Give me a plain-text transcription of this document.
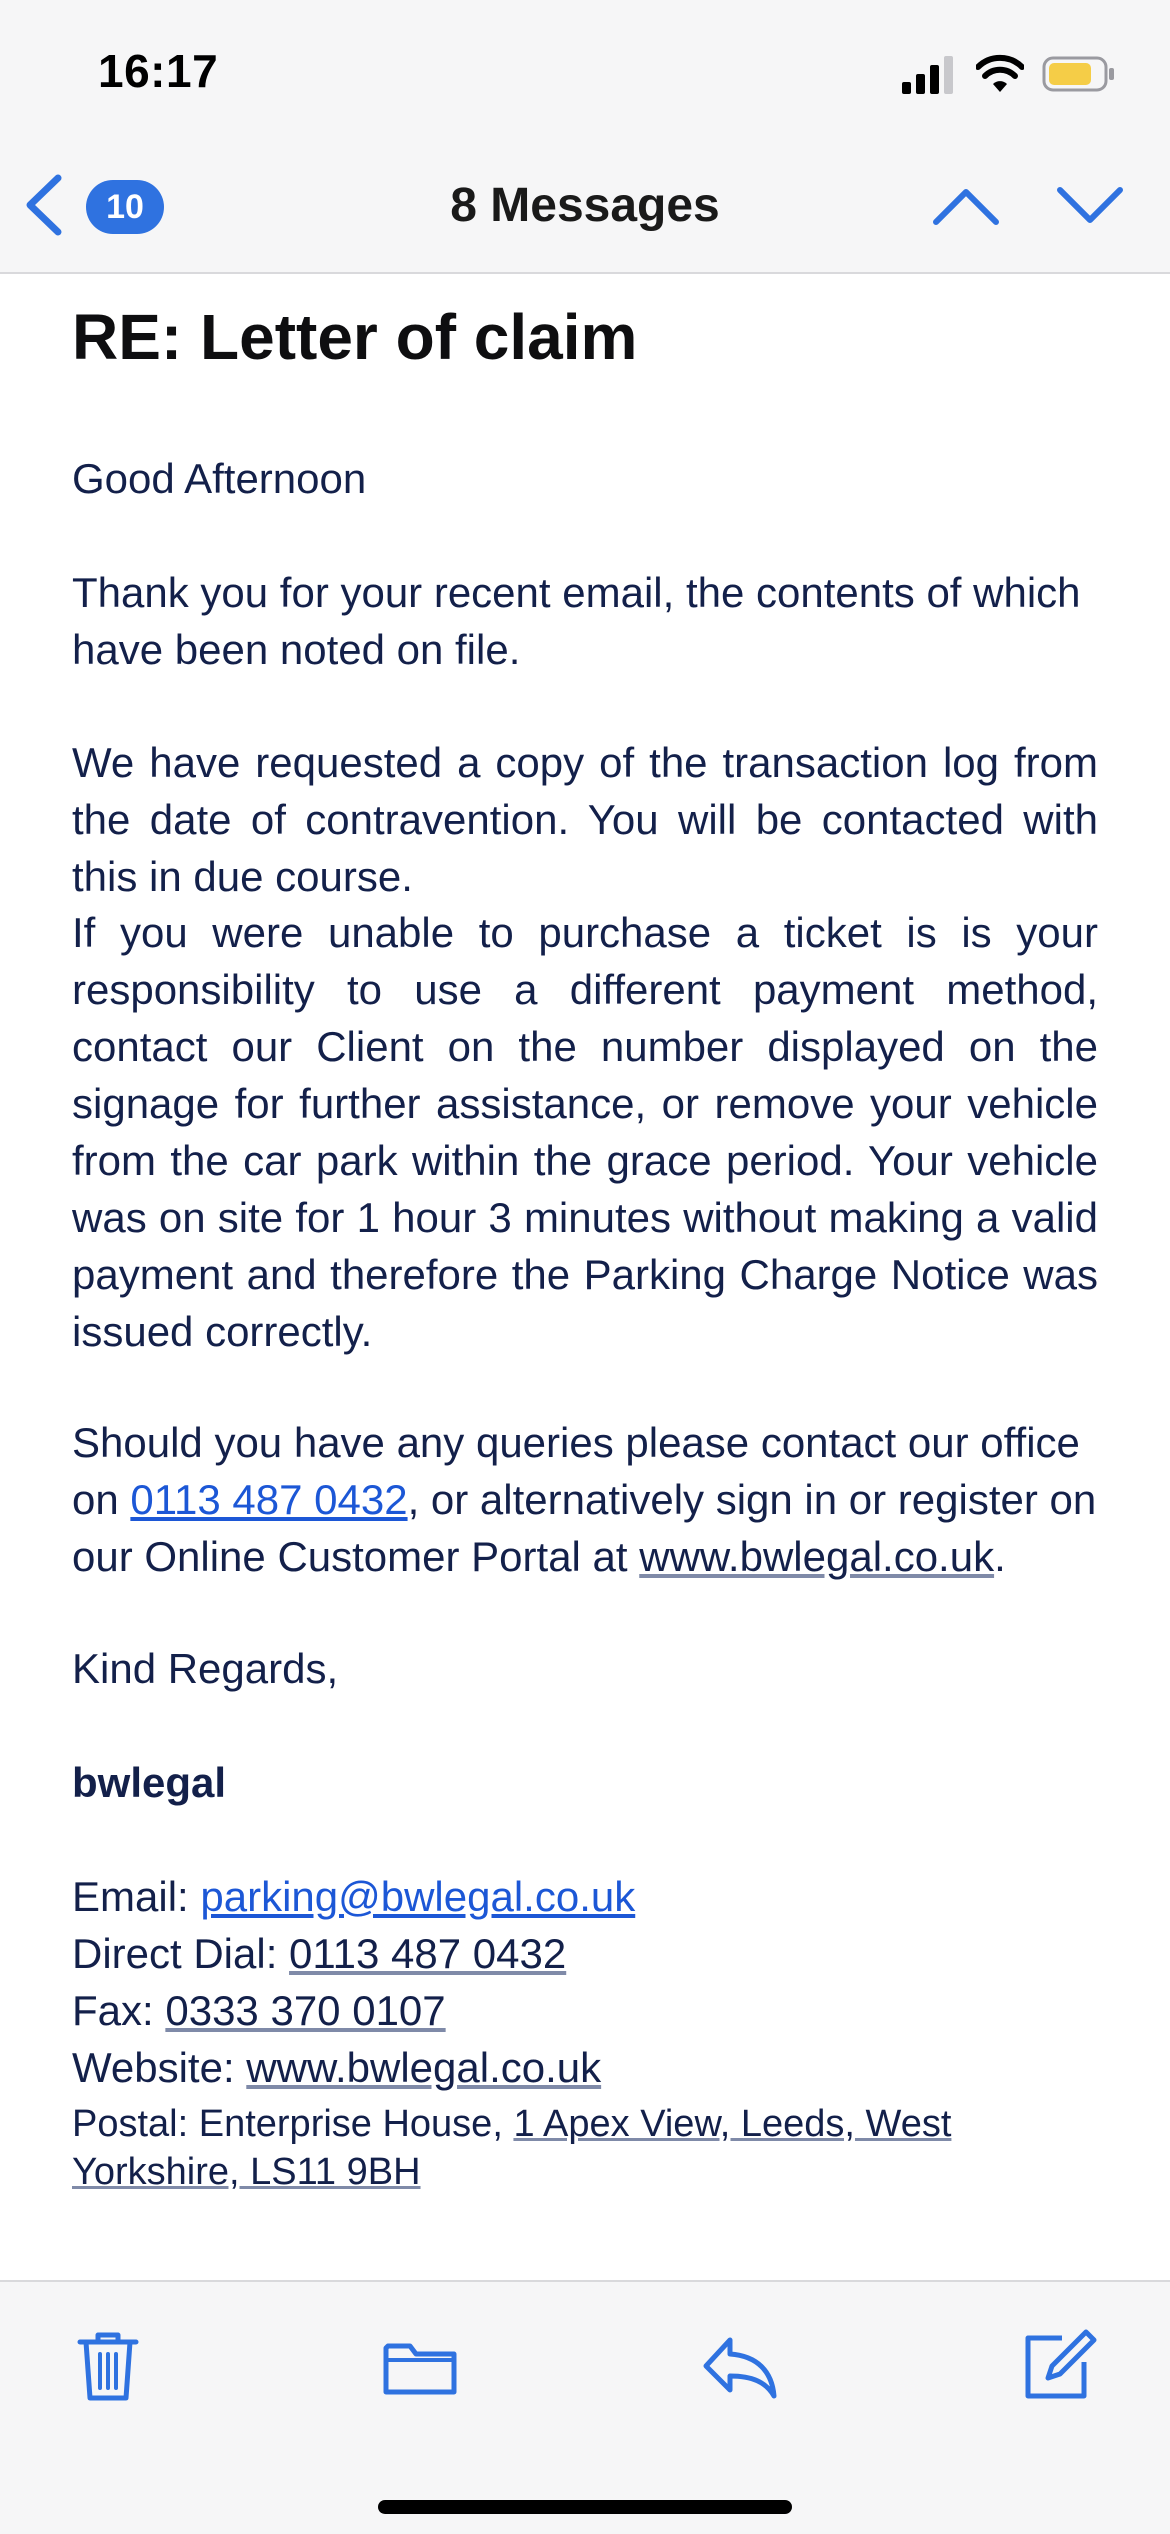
16:17
10	8 Messages
RE: Letter of claim

Good Afternoon

Thank you for your recent email, the contents of which have been noted on file.

We have requested a copy of the transaction log from the date of contravention. You will be contacted with this in due course.

If you were unable to purchase a ticket is is your responsibility to use a different payment method, contact our Client on the number displayed on the signage for further assistance, or remove your vehicle from the car park within the grace period. Your vehicle was on site for 1 hour 3 minutes without making a valid payment and therefore the Parking Charge Notice was issued correctly.

Should you have any queries please contact our office on 0113 487 0432, or alternatively sign in or register on our Online Customer Portal at www.bwlegal.co.uk.

Kind Regards,

bwlegal

Email: parking@bwlegal.co.uk

Direct Dial: 0113 487 0432

Fax: 0333 370 0107

Website: www.bwlegal.co.uk

Postal: Enterprise House, 1 Apex View, Leeds, West Yorkshire, LS11 9BH
